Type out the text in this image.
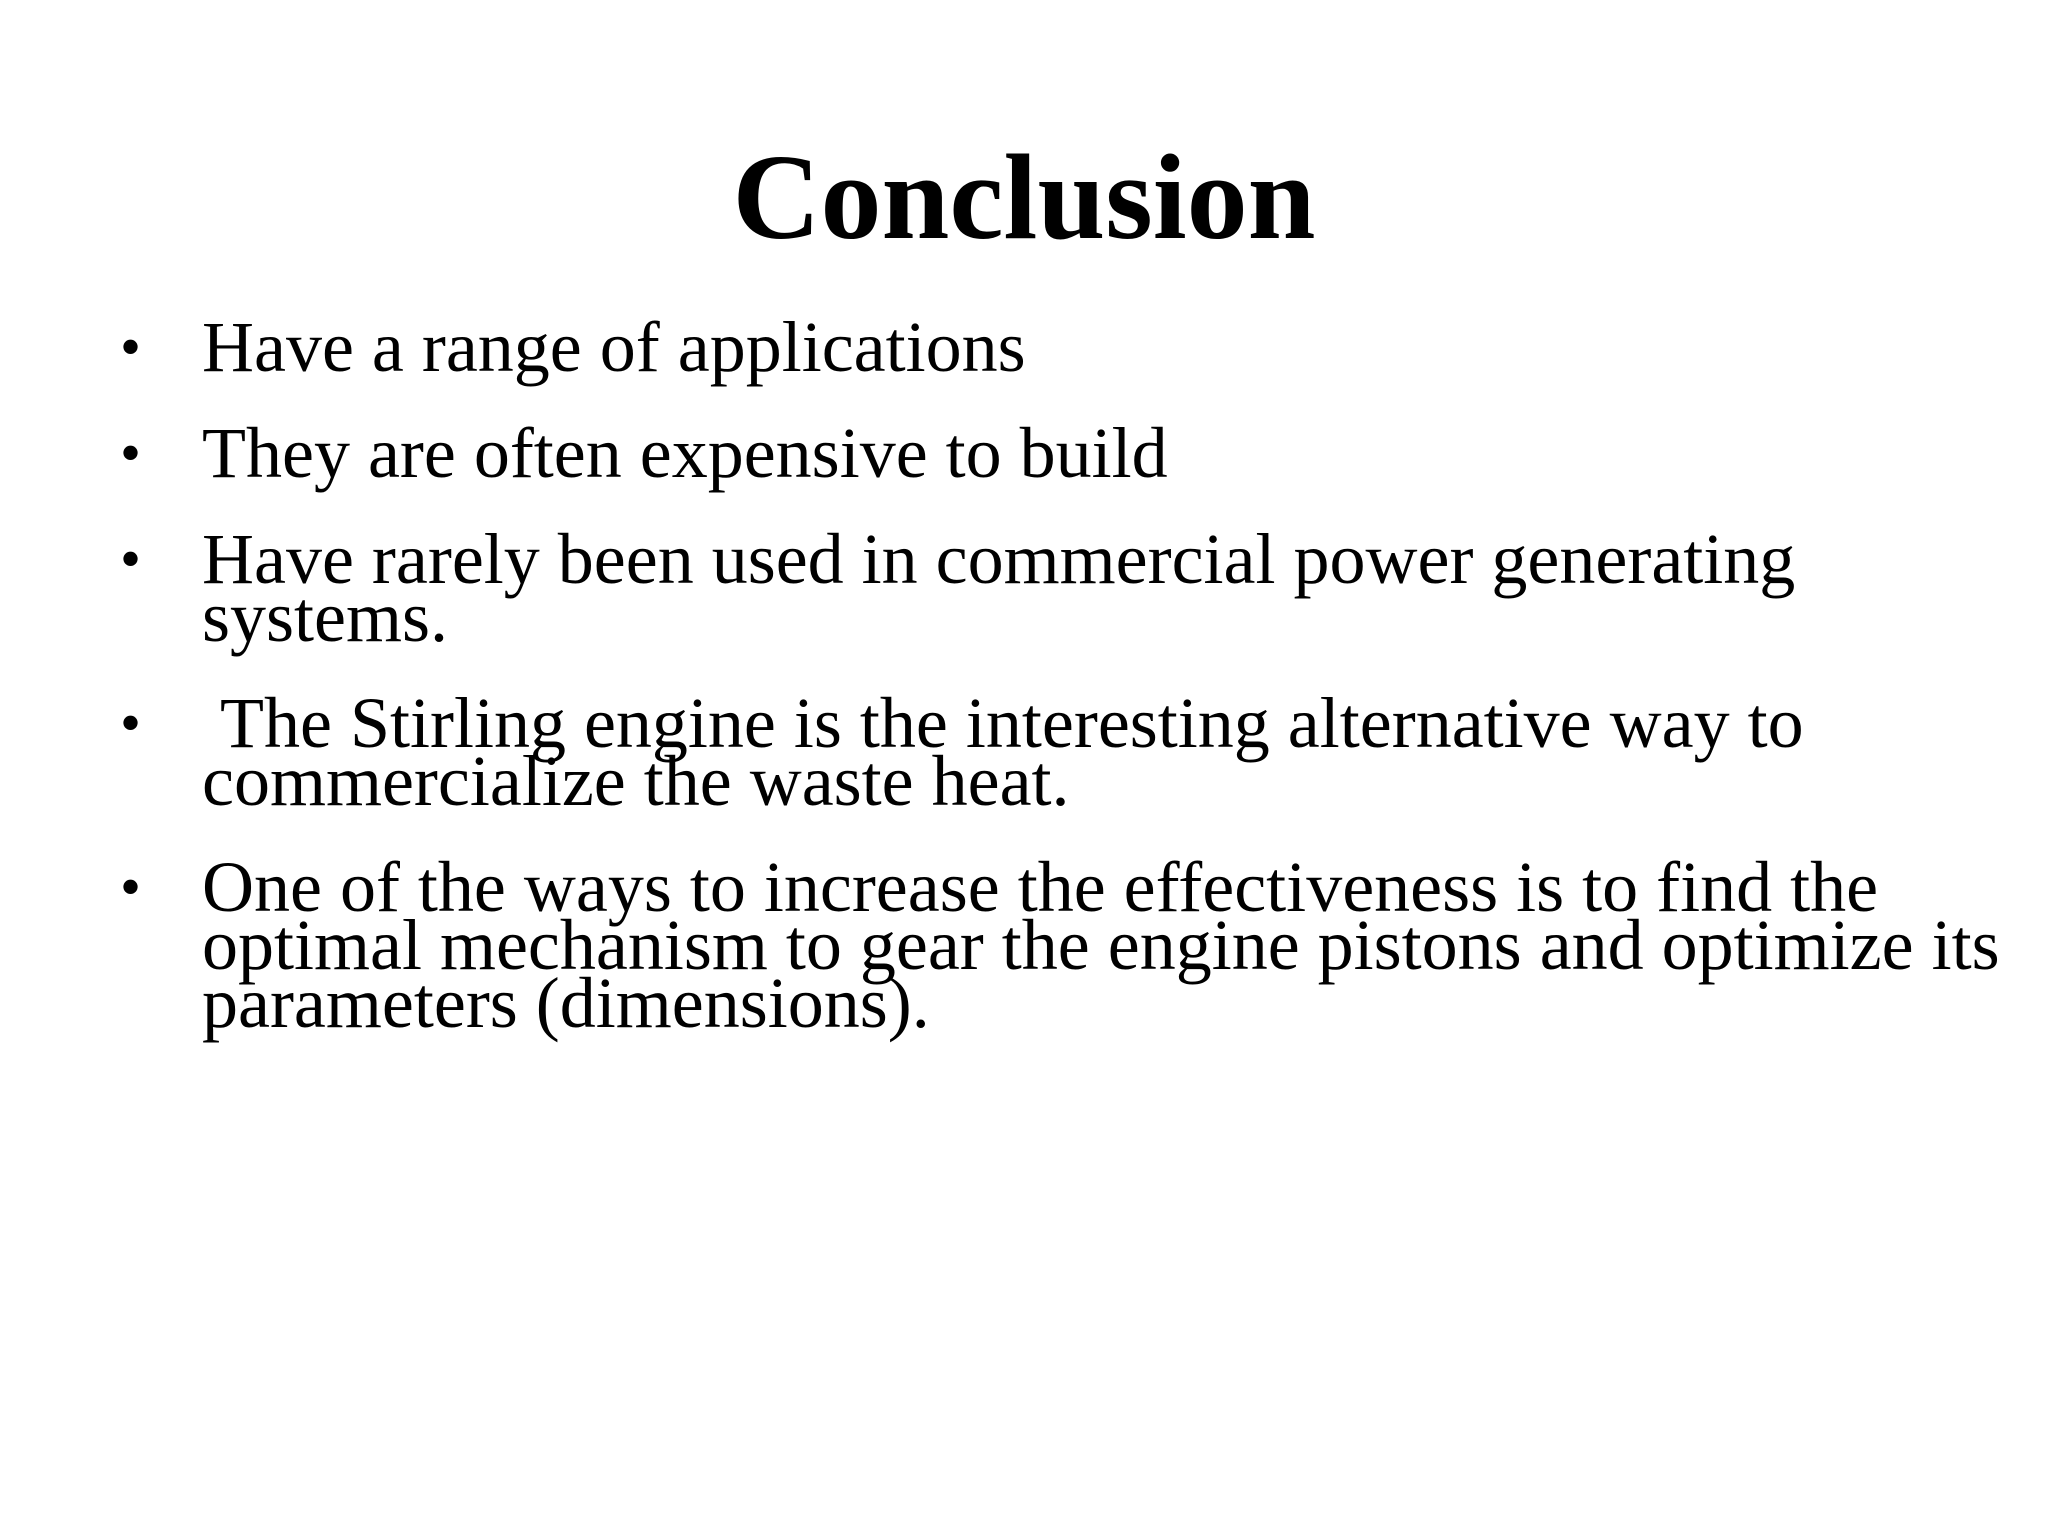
Conclusion
• Have a range of applications
• They are often expensive to build
• Have rarely been used in commercial power generating systems.
• The Stirling engine is the interesting alternative way to commercialize the waste heat.
• One of the ways to increase the effectiveness is to find the optimal mechanism to gear the engine pistons and optimize its parameters (dimensions).
